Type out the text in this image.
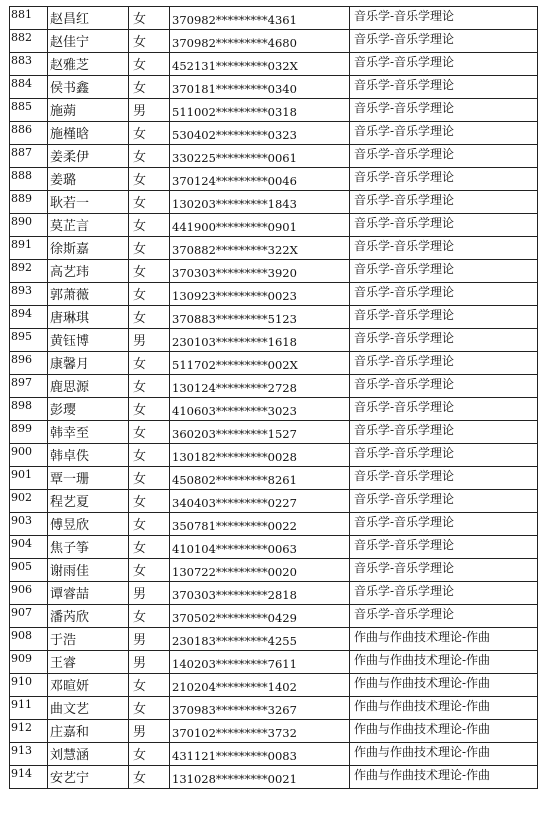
881	赵昌红	女	370982*********4361	音乐学-音乐学理论
882	赵佳宁	女	370982*********4680	音乐学-音乐学理论
883	赵雅芝	女	452131*********032X	音乐学-音乐学理论
884	侯书鑫	女	370181*********0340	音乐学-音乐学理论
885	施蒴	男	511002*********0318	音乐学-音乐学理论
886	施槿晗	女	530402*********0323	音乐学-音乐学理论
887	姜柔伊	女	330225*********0061	音乐学-音乐学理论
888	姜璐	女	370124*********0046	音乐学-音乐学理论
889	耿若一	女	130203*********1843	音乐学-音乐学理论
890	莫芷言	女	441900*********0901	音乐学-音乐学理论
891	徐斯嘉	女	370882*********322X	音乐学-音乐学理论
892	高艺玮	女	370303*********3920	音乐学-音乐学理论
893	郭萧薇	女	130923*********0023	音乐学-音乐学理论
894	唐琳琪	女	370883*********5123	音乐学-音乐学理论
895	黄钰博	男	230103*********1618	音乐学-音乐学理论
896	康馨月	女	511702*********002X	音乐学-音乐学理论
897	鹿思源	女	130124*********2728	音乐学-音乐学理论
898	彭璎	女	410603*********3023	音乐学-音乐学理论
899	韩幸至	女	360203*********1527	音乐学-音乐学理论
900	韩卓佚	女	130182*********0028	音乐学-音乐学理论
901	覃一珊	女	450802*********8261	音乐学-音乐学理论
902	程艺夏	女	340403*********0227	音乐学-音乐学理论
903	傅昱欣	女	350781*********0022	音乐学-音乐学理论
904	焦子筝	女	410104*********0063	音乐学-音乐学理论
905	谢雨佳	女	130722*********0020	音乐学-音乐学理论
906	谭睿喆	男	370303*********2818	音乐学-音乐学理论
907	潘芮欣	女	370502*********0429	音乐学-音乐学理论
908	于浩	男	230183*********4255	作曲与作曲技术理论-作曲
909	王睿	男	140203*********7611	作曲与作曲技术理论-作曲
910	邓暄妍	女	210204*********1402	作曲与作曲技术理论-作曲
911	曲文艺	女	370983*********3267	作曲与作曲技术理论-作曲
912	庄嘉和	男	370102*********3732	作曲与作曲技术理论-作曲
913	刘慧涵	女	431121*********0083	作曲与作曲技术理论-作曲
914	安艺宁	女	131028*********0021	作曲与作曲技术理论-作曲
